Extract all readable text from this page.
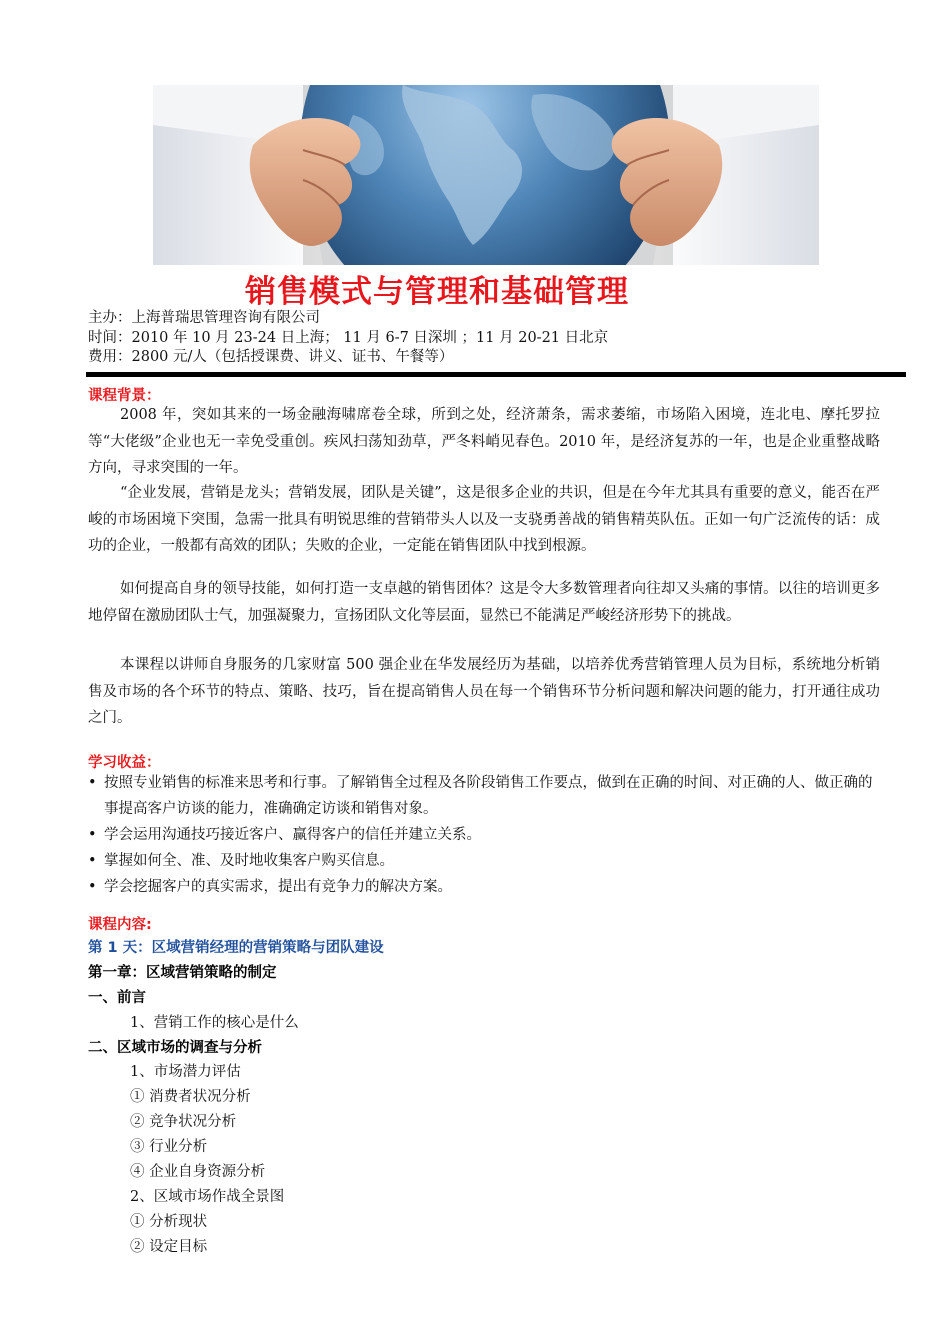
销售模式与管理和基础管理
主办：上海普瑞思管理咨询有限公司
时间：2010 年 10 月 23-24 日上海； 11 月 6-7 日深圳 ；11 月 20-21 日北京
费用：2800 元/人（包括授课费、讲义、证书、午餐等）
课程背景：

2008 年，突如其来的一场金融海啸席卷全球，所到之处，经济萧条，需求萎缩，市场陷入困境，连北电、摩托罗拉等“大佬级”企业也无一幸免受重创。疾风扫荡知劲草，严冬料峭见春色。2010 年，是经济复苏的一年，也是企业重整战略方向，寻求突围的一年。

“企业发展，营销是龙头；营销发展，团队是关键”，这是很多企业的共识，但是在今年尤其具有重要的意义，能否在严峻的市场困境下突围，急需一批具有明锐思维的营销带头人以及一支骁勇善战的销售精英队伍。正如一句广泛流传的话：成功的企业，一般都有高效的团队；失败的企业，一定能在销售团队中找到根源。

如何提高自身的领导技能，如何打造一支卓越的销售团体？这是令大多数管理者向往却又头痛的事情。以往的培训更多地停留在激励团队士气，加强凝聚力，宣扬团队文化等层面，显然已不能满足严峻经济形势下的挑战。

本课程以讲师自身服务的几家财富 500 强企业在华发展经历为基础，以培养优秀营销管理人员为目标，系统地分析销售及市场的各个环节的特点、策略、技巧，旨在提高销售人员在每一个销售环节分析问题和解决问题的能力，打开通往成功之门。

学习收益：
• 按照专业销售的标准来思考和行事。了解销售全过程及各阶段销售工作要点，做到在正确的时间、对正确的人、做正确的事提高客户访谈的能力，准确确定访谈和销售对象。
• 学会运用沟通技巧接近客户、赢得客户的信任并建立关系。
• 掌握如何全、准、及时地收集客户购买信息。
• 学会挖掘客户的真实需求，提出有竞争力的解决方案。
课程内容:
第 1 天：区域营销经理的营销策略与团队建设
第一章：区域营销策略的制定
一、前言
1、营销工作的核心是什么
二、区域市场的调查与分析
1、市场潜力评估
① 消费者状况分析
② 竞争状况分析
③ 行业分析
④ 企业自身资源分析
2、区域市场作战全景图
① 分析现状
② 设定目标
